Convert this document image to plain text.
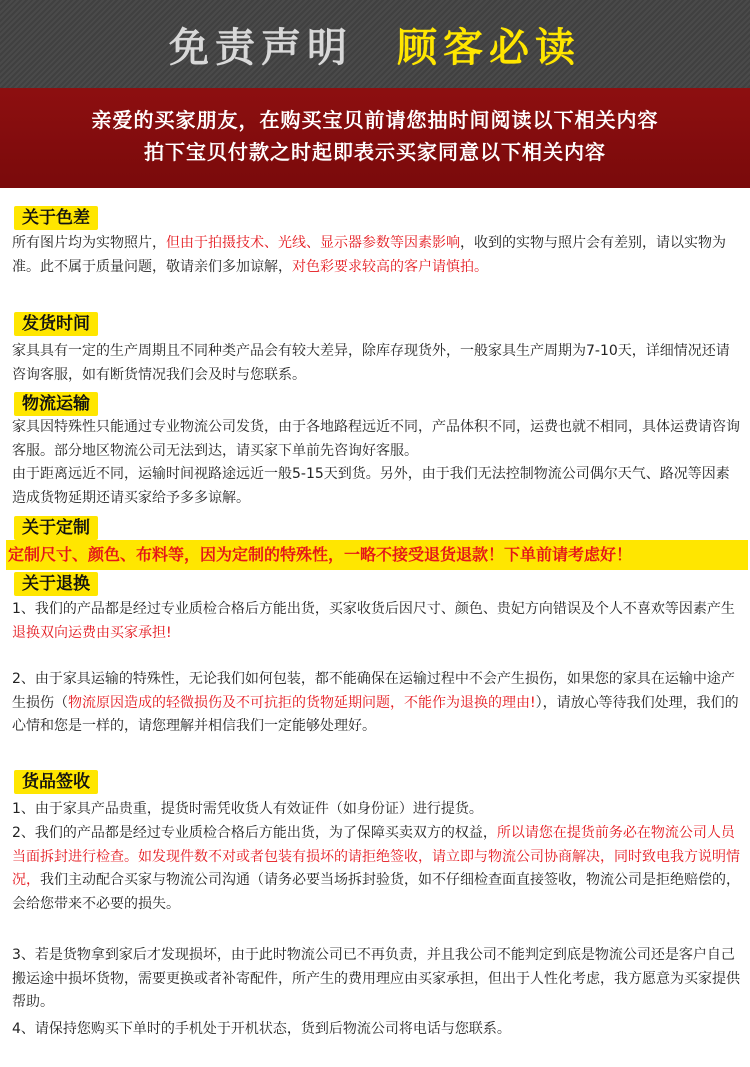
免责声明 顾客必读
亲爱的买家朋友，在购买宝贝前请您抽时间阅读以下相关内容
拍下宝贝付款之时起即表示买家同意以下相关内容
关于色差
所有图片均为实物照片，但由于拍摄技术、光线、显示器参数等因素影响，收到的实物与照片会有差别，请以实物为准。此不属于质量问题，敬请亲们多加谅解，对色彩要求较高的客户请慎拍。
发货时间
家具具有一定的生产周期且不同种类产品会有较大差异，除库存现货外，一般家具生产周期为7-10天，详细情况还请咨询客服，如有断货情况我们会及时与您联系。
物流运输
家具因特殊性只能通过专业物流公司发货，由于各地路程远近不同，产品体积不同，运费也就不相同，具体运费请咨询客服。部分地区物流公司无法到达，请买家下单前先咨询好客服。
由于距离远近不同，运输时间视路途远近一般5-15天到货。另外，由于我们无法控制物流公司偶尔天气、路况等因素造成货物延期还请买家给予多多谅解。
关于定制
定制尺寸、颜色、布料等，因为定制的特殊性，一略不接受退货退款！下单前请考虑好！
关于退换
1、我们的产品都是经过专业质检合格后方能出货，买家收货后因尺寸、颜色、贵妃方向错误及个人不喜欢等因素产生退换双向运费由买家承担!
2、由于家具运输的特殊性，无论我们如何包装，都不能确保在运输过程中不会产生损伤，如果您的家具在运输中途产生损伤（物流原因造成的轻微损伤及不可抗拒的货物延期问题，不能作为退换的理由!），请放心等待我们处理，我们的心情和您是一样的，请您理解并相信我们一定能够处理好。
货品签收
1、由于家具产品贵重，提货时需凭收货人有效证件（如身份证）进行提货。
2、我们的产品都是经过专业质检合格后方能出货，为了保障买卖双方的权益，所以请您在提货前务必在物流公司人员当面拆封进行检查。如发现件数不对或者包装有损坏的请拒绝签收，请立即与物流公司协商解决，同时致电我方说明情况，我们主动配合买家与物流公司沟通（请务必要当场拆封验货，如不仔细检查面直接签收，物流公司是拒绝赔偿的，会给您带来不必要的损失。
3、若是货物拿到家后才发现损坏，由于此时物流公司已不再负责，并且我公司不能判定到底是物流公司还是客户自己搬运途中损坏货物，需要更换或者补寄配件，所产生的费用理应由买家承担，但出于人性化考虑，我方愿意为买家提供帮助。
4、请保持您购买下单时的手机处于开机状态，货到后物流公司将电话与您联系。
